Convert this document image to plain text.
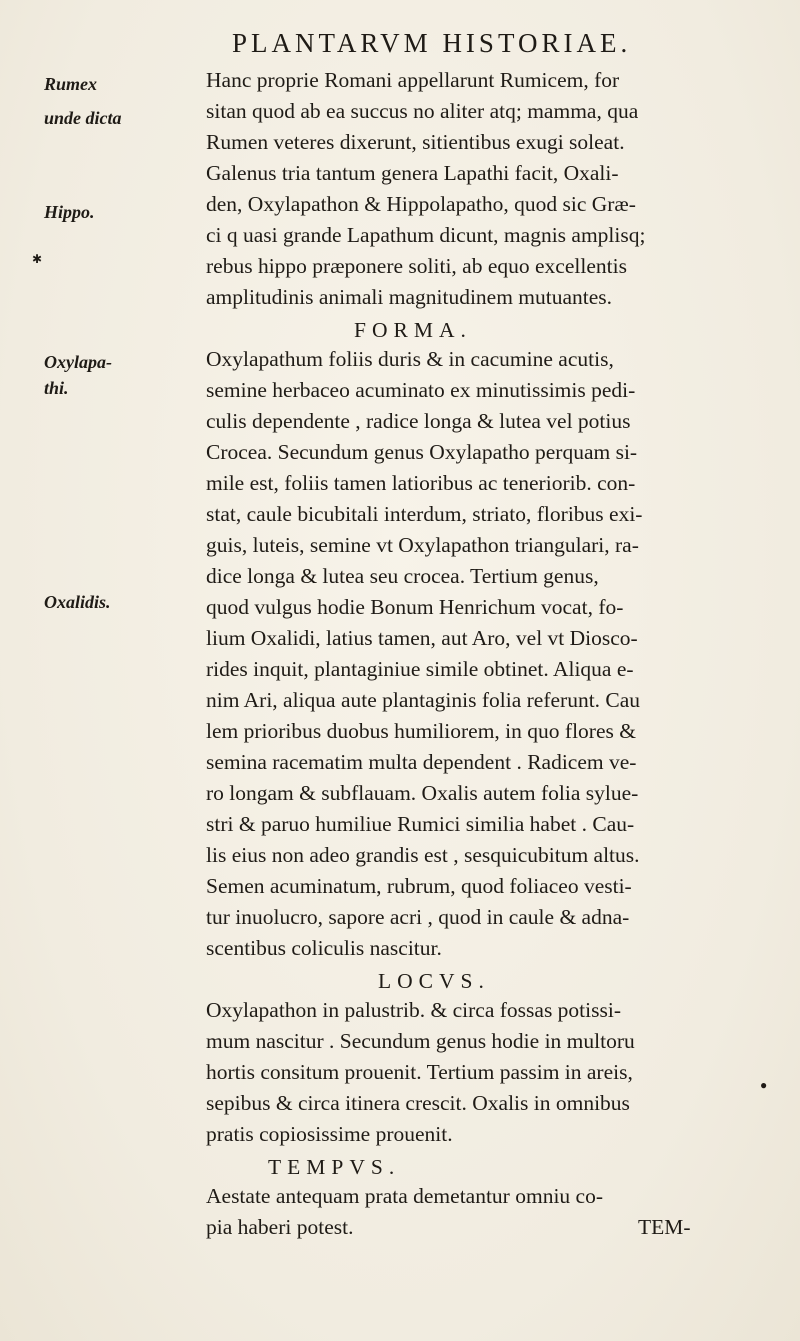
PLANTARVM HISTORIAE.
Rumex
unde dicta
Hippo.
Oxylapa-
thi.
Oxalidis.
Hanc proprie Romani appellarunt Rumicem, for
sitan quod ab ea succus no aliter atq; mamma, qua
Rumen veteres dixerunt, sitientibus exugi soleat.
Galenus tria tantum genera Lapathi facit, Oxali-
den, Oxylapathon & Hippolapatho, quod sic Græ-
ci q uasi grande Lapathum dicunt, magnis amplisq;
rebus hippo præponere soliti, ab equo excellentis
amplitudinis animali magnitudinem mutuantes.
FORMA.
Oxylapathum foliis duris & in cacumine acutis,
semine herbaceo acuminato ex minutissimis pedi-
culis dependente , radice longa & lutea vel potius
Crocea. Secundum genus Oxylapatho perquam si-
mile est, foliis tamen latioribus ac teneriorib. con-
stat, caule bicubitali interdum, striato, floribus exi-
guis, luteis, semine vt Oxylapathon triangulari, ra-
dice longa & lutea seu crocea. Tertium genus,
quod vulgus hodie Bonum Henrichum vocat, fo-
lium Oxalidi, latius tamen, aut Aro, vel vt Diosco-
rides inquit, plantaginiue simile obtinet. Aliqua e-
nim Ari, aliqua aute plantaginis folia referunt. Cau
lem prioribus duobus humiliorem, in quo flores &
semina racematim multa dependent . Radicem ve-
ro longam & subflauam. Oxalis autem folia sylue-
stri & paruo humiliue Rumici similia habet . Cau-
lis eius non adeo grandis est , sesquicubitum altus.
Semen acuminatum, rubrum, quod foliaceo vesti-
tur inuolucro, sapore acri , quod in caule & adna-
scentibus coliculis nascitur.
LOCVS.
Oxylapathon in palustrib. & circa fossas potissi-
mum nascitur . Secundum genus hodie in multoru
hortis consitum prouenit. Tertium passim in areis,
sepibus & circa itinera crescit. Oxalis in omnibus
pratis copiosissime prouenit.
TEMPVS.
Aestate antequam prata demetantur omniu co-
pia haberi potest.	TEM-
✱
●
